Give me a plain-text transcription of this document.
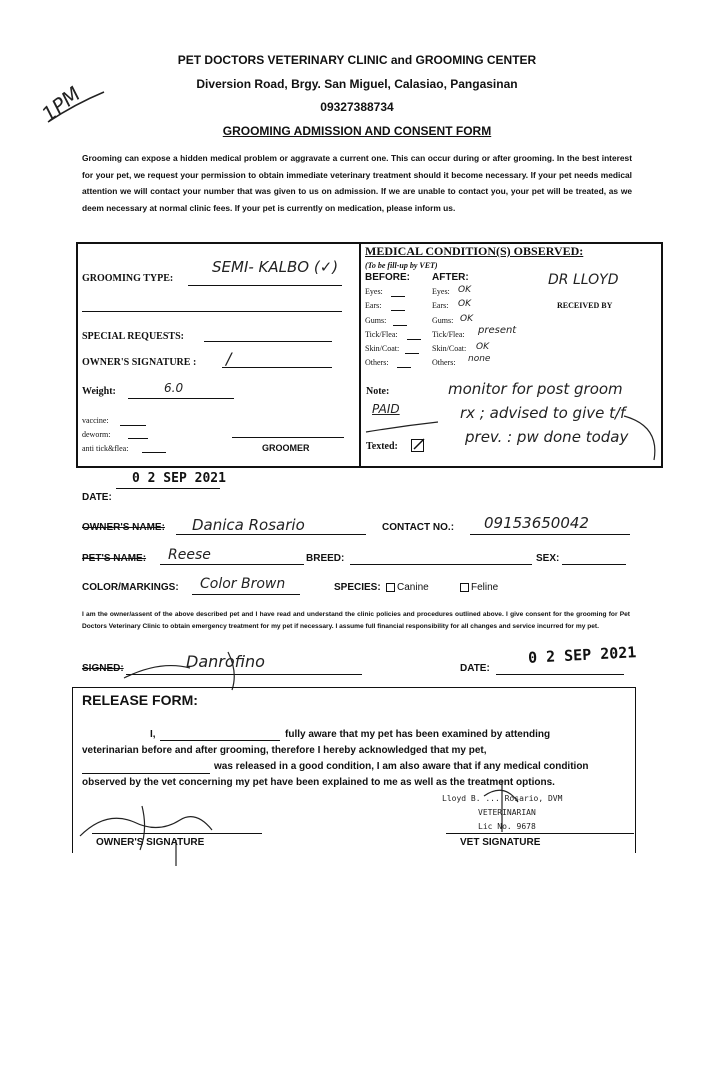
1PM
PET DOCTORS VETERINARY CLINIC and GROOMING CENTER
Diversion Road, Brgy. San Miguel, Calasiao, Pangasinan
09327388734
GROOMING ADMISSION AND CONSENT FORM
Grooming can expose a hidden medical problem or aggravate a current one. This can occur during or after grooming. In the best interest for your pet, we request your permission to obtain immediate veterinary treatment should it become necessary. If your pet needs medical attention we will contact your number that was given to us on admission. If we are unable to contact you, your pet will be treated, as we deem necessary at normal clinic fees. If your pet is currently on medication, please inform us.
GROOMING TYPE:
SEMI- KALBO (✓)
SPECIAL REQUESTS:
OWNER'S SIGNATURE : /
Weight:	6.0
vaccine:
deworm:
anti tick&flea:	GROOMER
MEDICAL CONDITION(S) OBSERVED:
(To be fill-up by VET)
BEFORE: AFTER:	DR LLOYD
RECEIVED BY
Eyes:	Eyes: OK
Ears:	Ears: OK
Gums:	Gums: OK
Tick/Flea:	Tick/Flea: present
Skin/Coat:	Skin/Coat: OK
Others:	Others: none
Note:
PAID
monitor for post groom
rx ; advised to give t/f
prev. : pw done today
Texted:
0 2 SEP 2021
DATE:
OWNER'S NAME: Danica Rosario	CONTACT NO.: 09153650042
PET'S NAME: Reese	BREED:	SEX:
COLOR/MARKINGS: Color Brown	SPECIES:	Canine	Feline
I am the owner/assent of the above described pet and I have read and understand the clinic policies and procedures outlined above. I give consent for the grooming for Pet Doctors Veterinary Clinic to obtain emergency treatment for my pet if necessary. I assume full financial responsibility for all changes and service incurred for my pet.
SIGNED:	Danrofino	DATE:
0 2 SEP 2021
RELEASE FORM:
I,	fully aware that my pet has been examined by attending
veterinarian before and after grooming, therefore I hereby acknowledged that my pet,
was released in a good condition, I am also aware that if any medical condition
observed by the vet concerning my pet have been explained to me as well as the treatment options.
Lloyd B. ... Rosario, DVM
VETERINARIAN
Lic No. 9678
OWNER'S SIGNATURE	VET SIGNATURE
